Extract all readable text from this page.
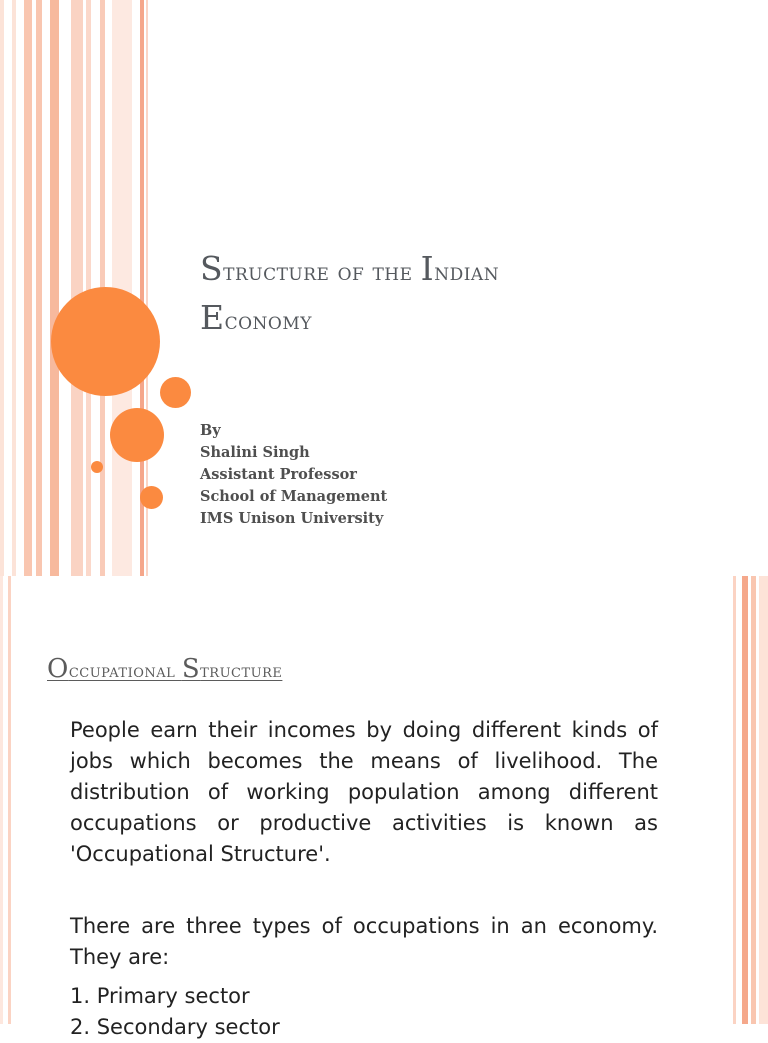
Structure of the Indian
Economy
By
Shalini Singh
Assistant Professor
School of Management
IMS Unison University
Occupational Structure

People earn their incomes by doing different kinds of jobs which becomes the means of livelihood. The distribution of working population among different occupations or productive activities is known as 'Occupational Structure'.

There are three types of occupations in an economy. They are:

1. Primary sector
2. Secondary sector
